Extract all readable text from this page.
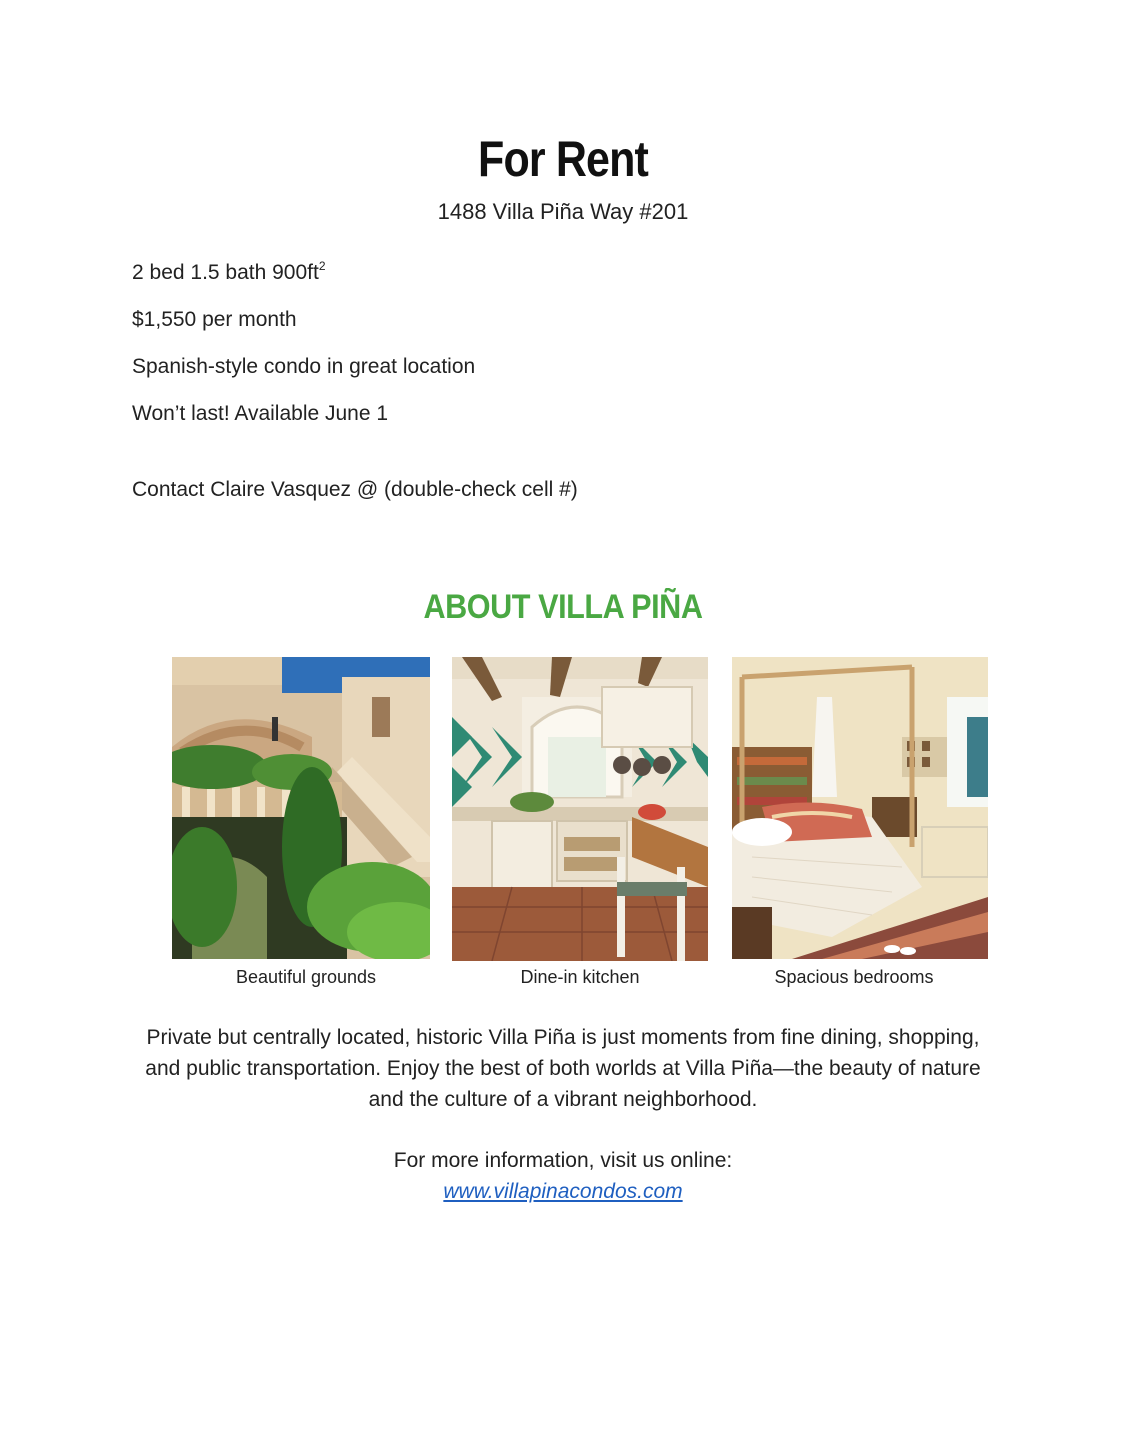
For Rent
1488 Villa Piña Way #201
2 bed 1.5 bath $900ft^2$
$1,550 per month
Spanish-style condo in great location
Won’t last! Available June 1
Contact Claire Vasquez @ (double-check cell #)
ABOUT VILLA PIÑA
Beautiful grounds	Dine-in kitchen	Spacious bedrooms
Private but centrally located, historic Villa Piña is just moments from fine dining, shopping, and public transportation. Enjoy the best of both worlds at Villa Piña—the beauty of nature and the culture of a vibrant neighborhood.
For more information, visit us online:
www.villapinacondos.com
